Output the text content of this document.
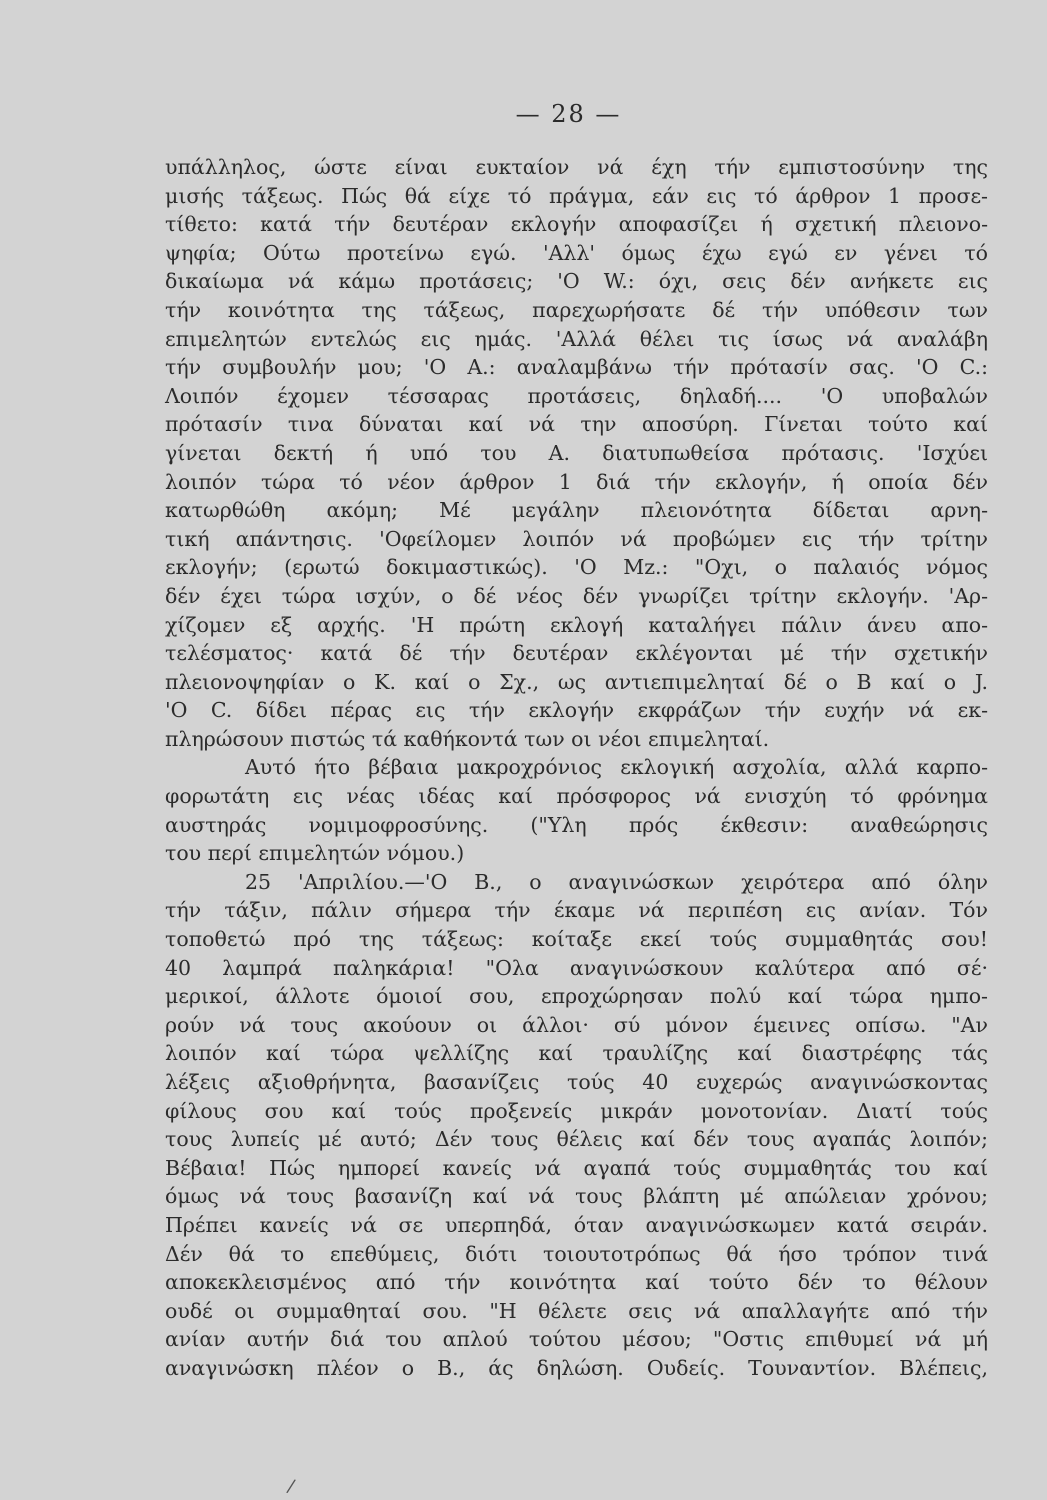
— 28 —
υπάλληλος, ώστε είναι ευκταίον νά έχη τήν εμπιστοσύνην της
μισής τάξεως. Πώς θά είχε τό πράγμα, εάν εις τό άρθρον 1 προσε-
τίθετο: κατά τήν δευτέραν εκλογήν αποφασίζει ή σχετική πλειονο-
ψηφία; Ούτω προτείνω εγώ. 'Αλλ' όμως έχω εγώ εν γένει τό
δικαίωμα νά κάμω προτάσεις; 'Ο W.: όχι, σεις δέν ανήκετε εις
τήν κοινότητα της τάξεως, παρεχωρήσατε δέ τήν υπόθεσιν των
επιμελητών εντελώς εις ημάς. 'Αλλά θέλει τις ίσως νά αναλάβη
τήν συμβουλήν μου; 'Ο Α.: αναλαμβάνω τήν πρότασίν σας. 'Ο C.:
Λοιπόν έχομεν τέσσαρας προτάσεις, δηλαδή.... 'Ο υποβαλών
πρότασίν τινα δύναται καί νά την αποσύρη. Γίνεται τούτο καί
γίνεται δεκτή ή υπό του Α. διατυπωθείσα πρότασις. 'Ισχύει
λοιπόν τώρα τό νέον άρθρον 1 διά τήν εκλογήν, ή οποία δέν
κατωρθώθη ακόμη; Μέ μεγάλην πλειονότητα δίδεται αρνη-
τική απάντησις. 'Οφείλομεν λοιπόν νά προβώμεν εις τήν τρίτην
εκλογήν; (ερωτώ δοκιμαστικώς). 'Ο Μz.: "Οχι, ο παλαιός νόμος
δέν έχει τώρα ισχύν, ο δέ νέος δέν γνωρίζει τρίτην εκλογήν. 'Αρ-
χίζομεν εξ αρχής. 'Η πρώτη εκλογή καταλήγει πάλιν άνευ απο-
τελέσματος· κατά δέ τήν δευτέραν εκλέγονται μέ τήν σχετικήν
πλειονοψηφίαν ο Κ. καί ο Σχ., ως αντιεπιμεληταί δέ ο Β καί ο J.
'Ο C. δίδει πέρας εις τήν εκλογήν εκφράζων τήν ευχήν νά εκ-
πληρώσουν πιστώς τά καθήκοντά των οι νέοι επιμεληταί.
Αυτό ήτο βέβαια μακροχρόνιος εκλογική ασχολία, αλλά καρπο-
φορωτάτη εις νέας ιδέας καί πρόσφορος νά ενισχύη τό φρόνημα
αυστηράς νομιμοφροσύνης. ("Υλη πρός έκθεσιν: αναθεώρησις
του περί επιμελητών νόμου.)
25 'Απριλίου.—'Ο Β., ο αναγινώσκων χειρότερα από όλην
τήν τάξιν, πάλιν σήμερα τήν έκαμε νά περιπέση εις ανίαν. Τόν
τοποθετώ πρό της τάξεως: κοίταξε εκεί τούς συμμαθητάς σου!
40 λαμπρά παληκάρια! "Ολα αναγινώσκουν καλύτερα από σέ·
μερικοί, άλλοτε όμοιοί σου, επροχώρησαν πολύ καί τώρα ημπο-
ρούν νά τους ακούουν οι άλλοι· σύ μόνον έμεινες οπίσω. "Αν
λοιπόν καί τώρα ψελλίζης καί τραυλίζης καί διαστρέφης τάς
λέξεις αξιοθρήνητα, βασανίζεις τούς 40 ευχερώς αναγινώσκοντας
φίλους σου καί τούς προξενείς μικράν μονοτονίαν. Διατί τούς
τους λυπείς μέ αυτό; Δέν τους θέλεις καί δέν τους αγαπάς λοιπόν;
Βέβαια! Πώς ημπορεί κανείς νά αγαπά τούς συμμαθητάς του καί
όμως νά τους βασανίζη καί νά τους βλάπτη μέ απώλειαν χρόνου;
Πρέπει κανείς νά σε υπερπηδά, όταν αναγινώσκωμεν κατά σειράν.
Δέν θά το επεθύμεις, διότι τοιουτοτρόπως θά ήσο τρόπον τινά
αποκεκλεισμένος από τήν κοινότητα καί τούτο δέν το θέλουν
ουδέ οι συμμαθηταί σου. "Η θέλετε σεις νά απαλλαγήτε από τήν
ανίαν αυτήν διά του απλού τούτου μέσου; "Οστις επιθυμεί νά μή
αναγινώσκη πλέον ο Β., άς δηλώση. Ουδείς. Τουναντίον. Βλέπεις,
/
